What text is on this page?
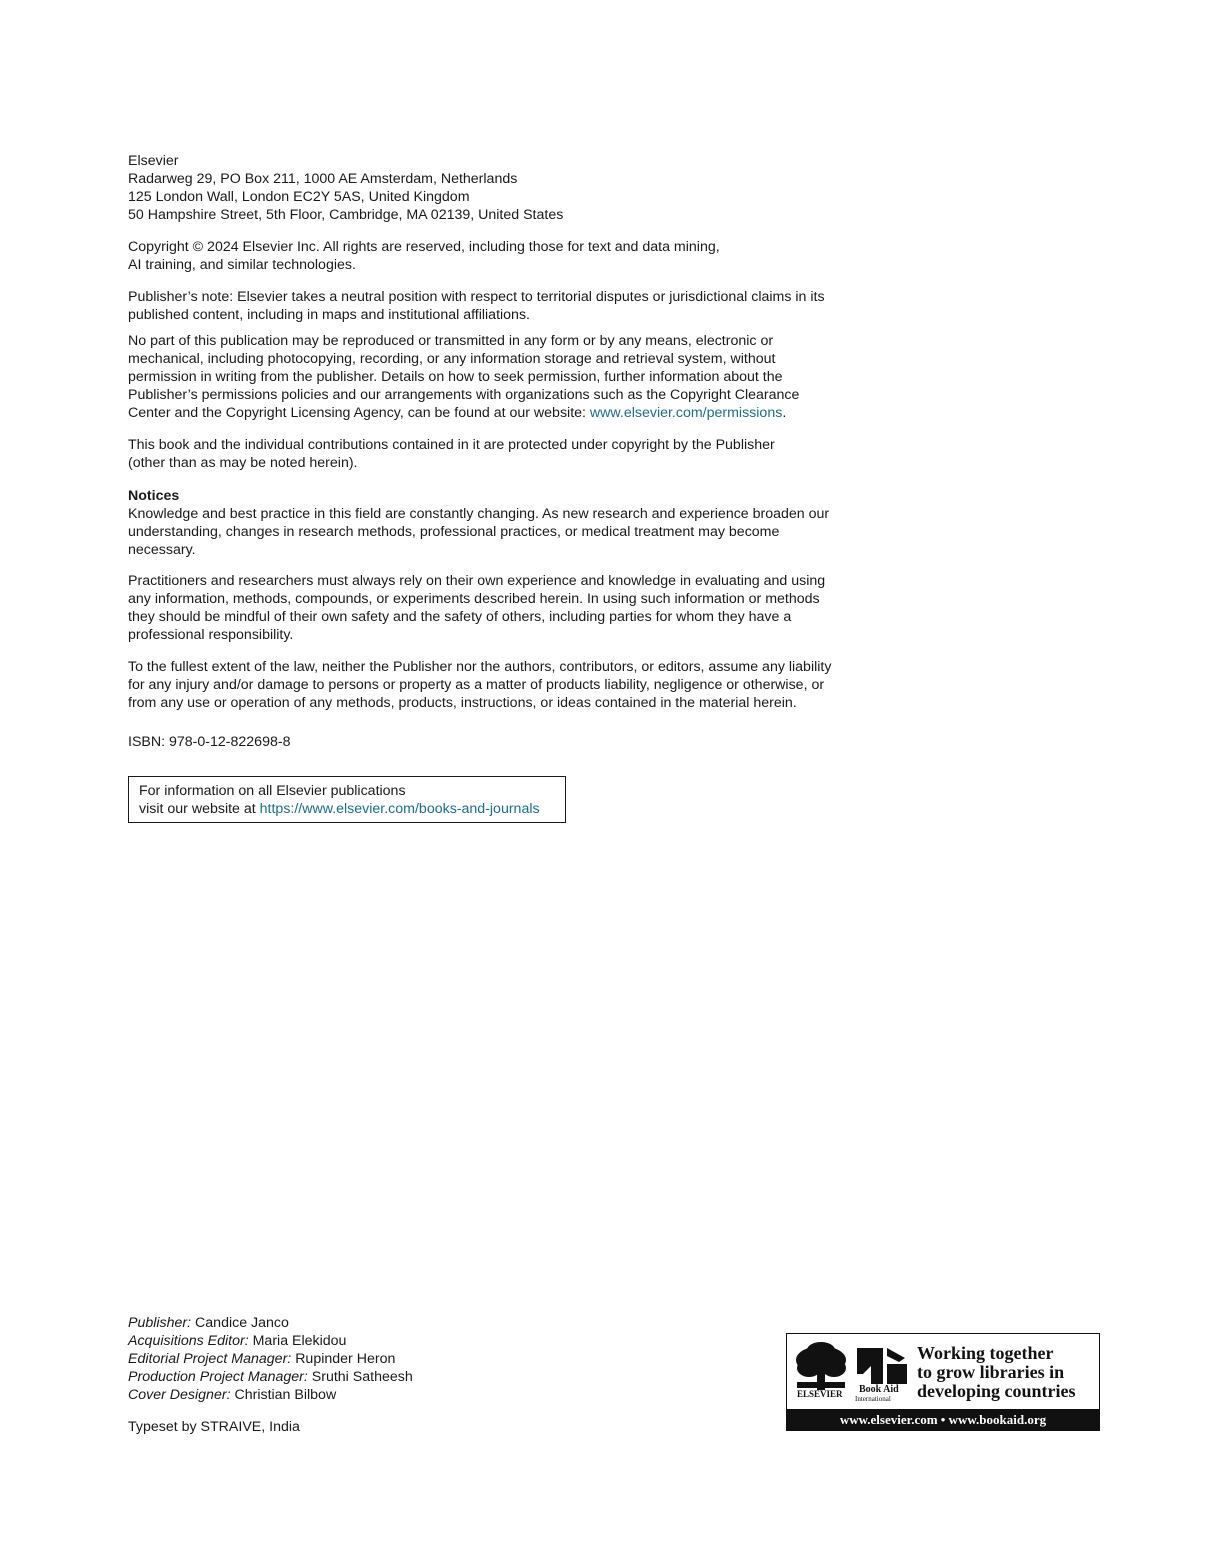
Elsevier
Radarweg 29, PO Box 211, 1000 AE Amsterdam, Netherlands
125 London Wall, London EC2Y 5AS, United Kingdom
50 Hampshire Street, 5th Floor, Cambridge, MA 02139, United States
Copyright © 2024 Elsevier Inc. All rights are reserved, including those for text and data mining,
AI training, and similar technologies.
Publisher’s note: Elsevier takes a neutral position with respect to territorial disputes or jurisdictional claims in its
published content, including in maps and institutional affiliations.
No part of this publication may be reproduced or transmitted in any form or by any means, electronic or
mechanical, including photocopying, recording, or any information storage and retrieval system, without
permission in writing from the publisher. Details on how to seek permission, further information about the
Publisher’s permissions policies and our arrangements with organizations such as the Copyright Clearance
Center and the Copyright Licensing Agency, can be found at our website: www.elsevier.com/permissions.
This book and the individual contributions contained in it are protected under copyright by the Publisher
(other than as may be noted herein).
Notices
Knowledge and best practice in this field are constantly changing. As new research and experience broaden our
understanding, changes in research methods, professional practices, or medical treatment may become
necessary.
Practitioners and researchers must always rely on their own experience and knowledge in evaluating and using
any information, methods, compounds, or experiments described herein. In using such information or methods
they should be mindful of their own safety and the safety of others, including parties for whom they have a
professional responsibility.
To the fullest extent of the law, neither the Publisher nor the authors, contributors, or editors, assume any liability
for any injury and/or damage to persons or property as a matter of products liability, negligence or otherwise, or
from any use or operation of any methods, products, instructions, or ideas contained in the material herein.
ISBN: 978-0-12-822698-8
For information on all Elsevier publications
visit our website at https://www.elsevier.com/books-and-journals
Publisher: Candice Janco
Acquisitions Editor: Maria Elekidou
Editorial Project Manager: Rupinder Heron
Production Project Manager: Sruthi Satheesh
Cover Designer: Christian Bilbow
Typeset by STRAIVE, India
ELSEVIER Book Aid
International
Working together
to grow libraries in
developing countries
www.elsevier.com • www.bookaid.org
